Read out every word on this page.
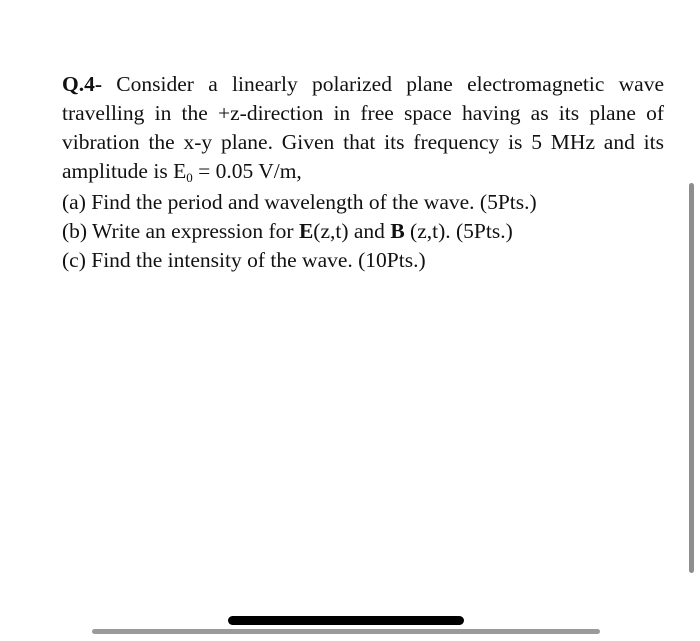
Q.4- Consider a linearly polarized plane electromagnetic wave travelling in the +z-direction in free space having as its plane of vibration the x-y plane. Given that its frequency is 5 MHz and its amplitude is $E_0 = 0.05$ V/m,

(a) Find the period and wavelength of the wave. (5Pts.)
(b) Write an expression for E(z,t) and B (z,t). (5Pts.)
(c) Find the intensity of the wave. (10Pts.)
